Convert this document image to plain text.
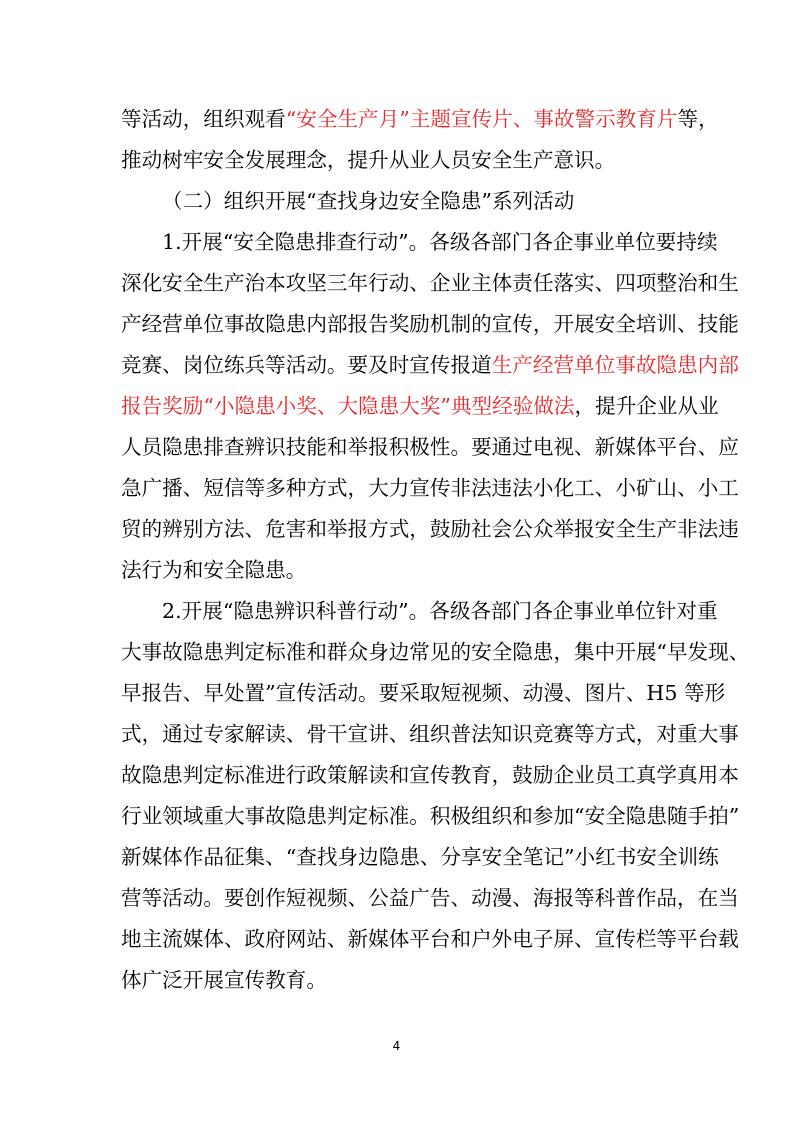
等活动，组织观看“安全生产月”主题宣传片、事故警示教育片等，
推动树牢安全发展理念，提升从业人员安全生产意识。
（二）组织开展“查找身边安全隐患”系列活动
1.开展“安全隐患排查行动”。各级各部门各企事业单位要持续
深化安全生产治本攻坚三年行动、企业主体责任落实、四项整治和生
产经营单位事故隐患内部报告奖励机制的宣传，开展安全培训、技能
竞赛、岗位练兵等活动。要及时宣传报道生产经营单位事故隐患内部
报告奖励“小隐患小奖、大隐患大奖”典型经验做法，提升企业从业
人员隐患排查辨识技能和举报积极性。要通过电视、新媒体平台、应
急广播、短信等多种方式，大力宣传非法违法小化工、小矿山、小工
贸的辨别方法、危害和举报方式，鼓励社会公众举报安全生产非法违
法行为和安全隐患。
2.开展“隐患辨识科普行动”。各级各部门各企事业单位针对重
大事故隐患判定标准和群众身边常见的安全隐患，集中开展“早发现、
早报告、早处置”宣传活动。要采取短视频、动漫、图片、H5 等形
式，通过专家解读、骨干宣讲、组织普法知识竞赛等方式，对重大事
故隐患判定标准进行政策解读和宣传教育，鼓励企业员工真学真用本
行业领域重大事故隐患判定标准。积极组织和参加“安全隐患随手拍”
新媒体作品征集、“查找身边隐患、分享安全笔记”小红书安全训练
营等活动。要创作短视频、公益广告、动漫、海报等科普作品，在当
地主流媒体、政府网站、新媒体平台和户外电子屏、宣传栏等平台载
体广泛开展宣传教育。
4
